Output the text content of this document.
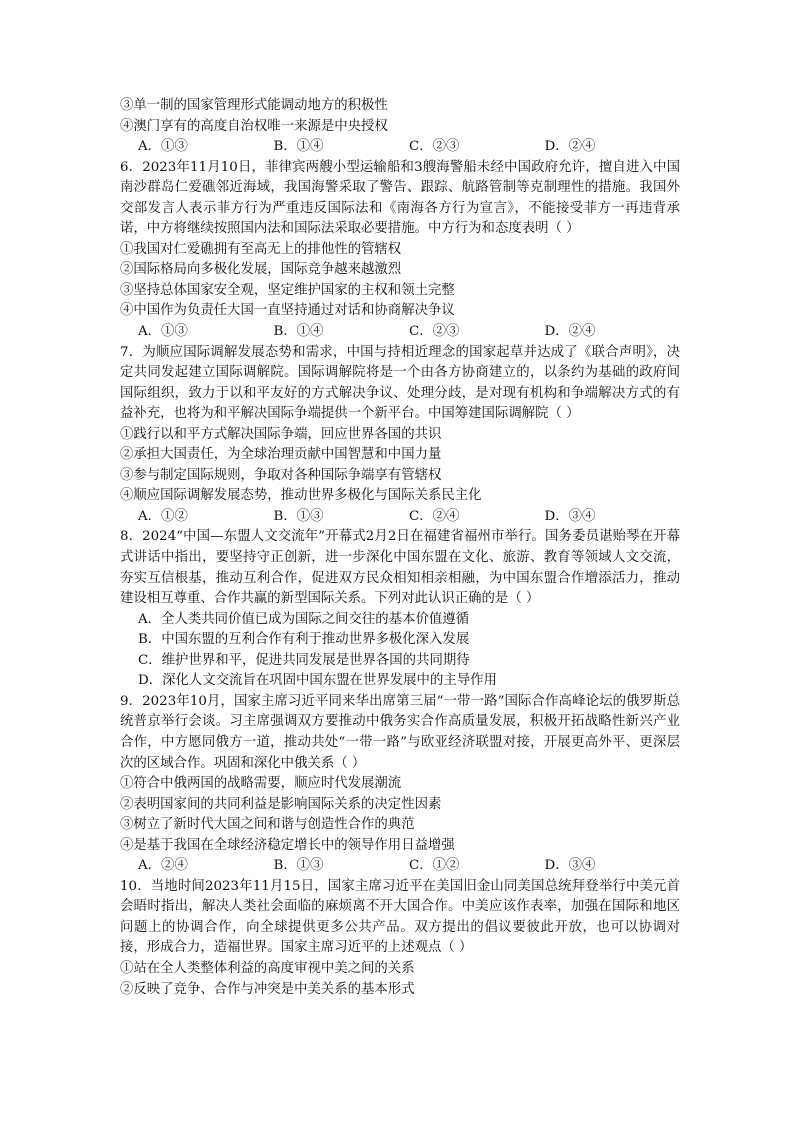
③单一制的国家管理形式能调动地方的积极性
④澳门享有的高度自治权唯一来源是中央授权
A．①③	B．①④	C．②③	D．②④
6．2023年11月10日，菲律宾两艘小型运输船和3艘海警船未经中国政府允许，擅自进入中国南沙群岛仁爱礁邻近海域，我国海警采取了警告、跟踪、航路管制等克制理性的措施。我国外交部发言人表示菲方行为严重违反国际法和《南海各方行为宣言》，不能接受菲方一再违背承诺，中方将继续按照国内法和国际法采取必要措施。中方行为和态度表明（ ）
①我国对仁爱礁拥有至高无上的排他性的管辖权
②国际格局向多极化发展，国际竞争越来越激烈
③坚持总体国家安全观，坚定维护国家的主权和领土完整
④中国作为负责任大国一直坚持通过对话和协商解决争议
A．①③	B．①④	C．②③	D．②④
7．为顺应国际调解发展态势和需求，中国与持相近理念的国家起草并达成了《联合声明》，决定共同发起建立国际调解院。国际调解院将是一个由各方协商建立的，以条约为基础的政府间国际组织，致力于以和平友好的方式解决争议、处理分歧，是对现有机构和争端解决方式的有益补充，也将为和平解决国际争端提供一个新平台。中国筹建国际调解院（ ）
①践行以和平方式解决国际争端，回应世界各国的共识
②承担大国责任，为全球治理贡献中国智慧和中国力量
③参与制定国际规则，争取对各种国际争端享有管辖权
④顺应国际调解发展态势，推动世界多极化与国际关系民主化
A．①②	B．①③	C．②④	D．③④
8．2024“中国—东盟人文交流年”开幕式2月2日在福建省福州市举行。国务委员谌贻琴在开幕式讲话中指出，要坚持守正创新，进一步深化中国东盟在文化、旅游、教育等领域人文交流，夯实互信根基，推动互利合作，促进双方民众相知相亲相融，为中国东盟合作增添活力，推动建设相互尊重、合作共赢的新型国际关系。下列对此认识正确的是（ ）
A．全人类共同价值已成为国际之间交往的基本价值遵循
B．中国东盟的互利合作有利于推动世界多极化深入发展
C．维护世界和平，促进共同发展是世界各国的共同期待
D．深化人文交流旨在巩固中国东盟在世界发展中的主导作用
9．2023年10月，国家主席习近平同来华出席第三届“一带一路”国际合作高峰论坛的俄罗斯总统普京举行会谈。习主席强调双方要推动中俄务实合作高质量发展，积极开拓战略性新兴产业合作，中方愿同俄方一道，推动共处“一带一路”与欧亚经济联盟对接，开展更高外平、更深层次的区域合作。巩固和深化中俄关系（ ）
①符合中俄两国的战略需要，顺应时代发展潮流
②表明国家间的共同利益是影响国际关系的决定性因素
③树立了新时代大国之间和谐与创造性合作的典范
④是基于我国在全球经济稳定增长中的领导作用日益增强
A．②④	B．①③	C．①②	D．③④
10．当地时间2023年11月15日，国家主席习近平在美国旧金山同美国总统拜登举行中美元首会晤时指出，解决人类社会面临的麻烦离不开大国合作。中美应该作表率，加强在国际和地区问题上的协调合作，向全球提供更多公共产品。双方提出的倡议要彼此开放，也可以协调对接，形成合力，造福世界。国家主席习近平的上述观点（ ）
①站在全人类整体利益的高度审视中美之间的关系
②反映了竞争、合作与冲突是中美关系的基本形式
